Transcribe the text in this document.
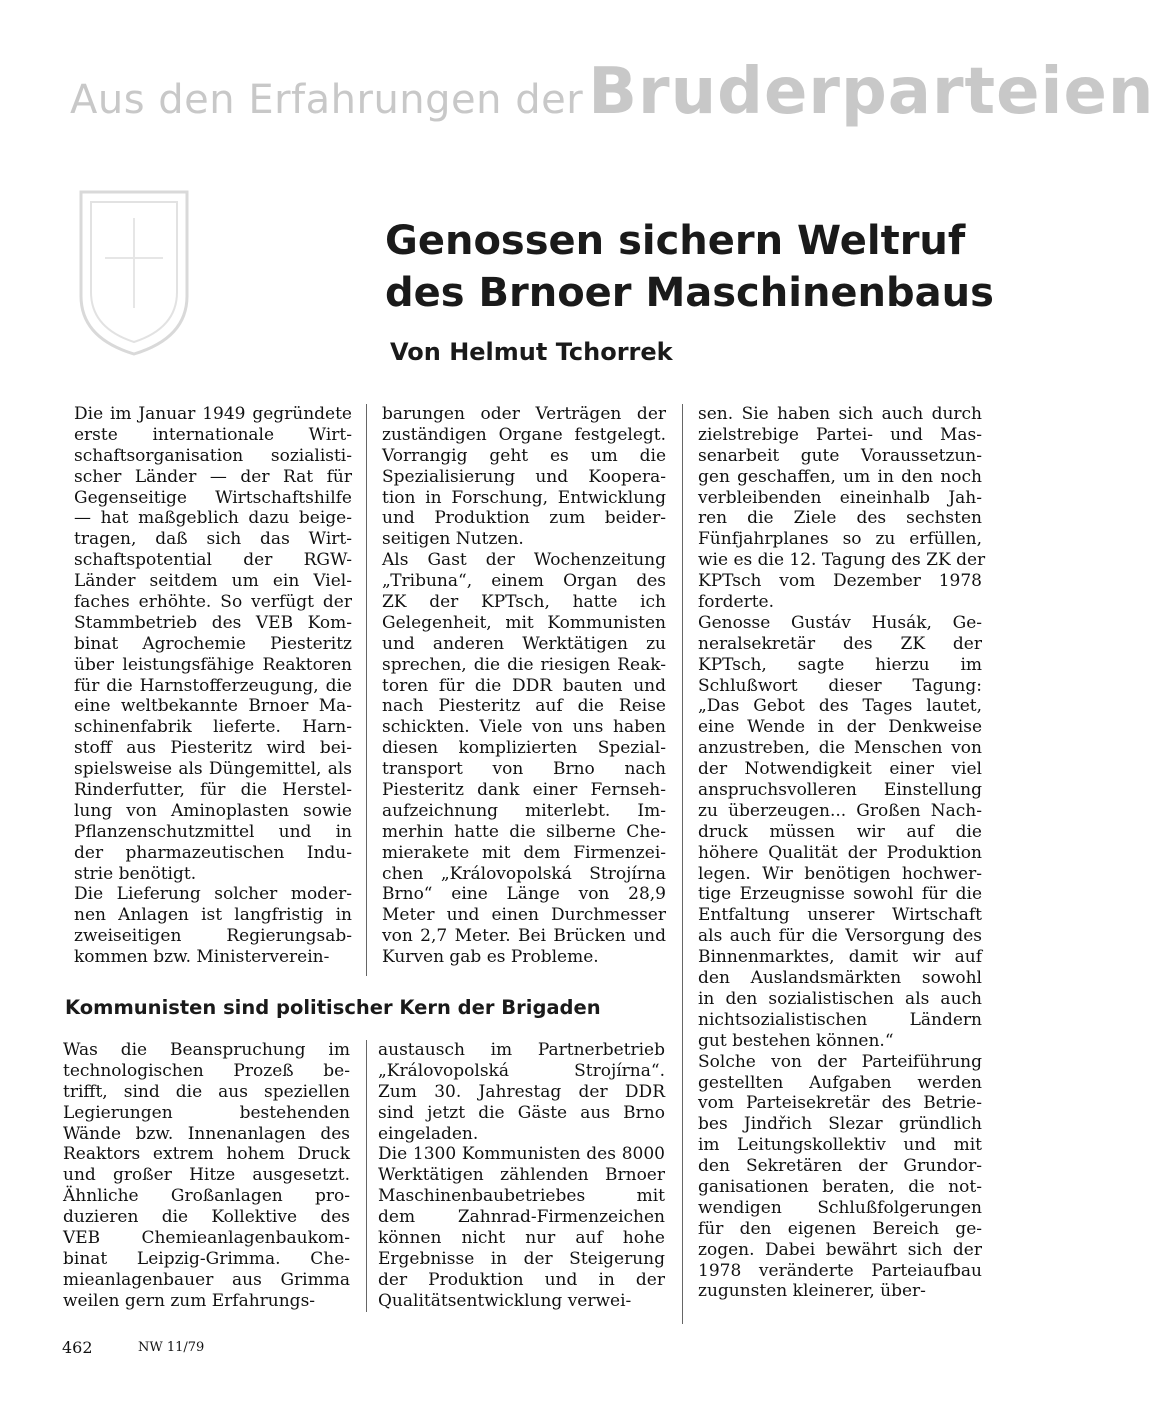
Aus den Erfahrungen der Bruderparteien
Genossen sichern Weltruf
des Brnoer Maschinenbaus

Von Helmut Tchorrek

Die im Januar 1949 gegründete
erste internationale Wirt-
schaftsorganisation sozialisti-
scher Länder — der Rat für
Gegenseitige Wirtschaftshilfe
— hat maßgeblich dazu beige-
tragen, daß sich das Wirt-
schaftspotential der RGW-
Länder seitdem um ein Viel-
faches erhöhte. So verfügt der
Stammbetrieb des VEB Kom-
binat Agrochemie Piesteritz
über leistungsfähige Reaktoren
für die Harnstofferzeugung, die
eine weltbekannte Brnoer Ma-
schinenfabrik lieferte. Harn-
stoff aus Piesteritz wird bei-
spielsweise als Düngemittel, als
Rinderfutter, für die Herstel-
lung von Aminoplasten sowie
Pflanzenschutzmittel und in
der pharmazeutischen Indu-
strie benötigt.
Die Lieferung solcher moder-
nen Anlagen ist langfristig in
zweiseitigen Regierungsab-
kommen bzw. Ministerverein-
barungen oder Verträgen der
zuständigen Organe festgelegt.
Vorrangig geht es um die
Spezialisierung und Koopera-
tion in Forschung, Entwicklung
und Produktion zum beider-
seitigen Nutzen.
Als Gast der Wochenzeitung
„Tribuna“, einem Organ des
ZK der KPTsch, hatte ich
Gelegenheit, mit Kommunisten
und anderen Werktätigen zu
sprechen, die die riesigen Reak-
toren für die DDR bauten und
nach Piesteritz auf die Reise
schickten. Viele von uns haben
diesen komplizierten Spezial-
transport von Brno nach
Piesteritz dank einer Fernseh-
aufzeichnung miterlebt. Im-
merhin hatte die silberne Che-
mierakete mit dem Firmenzei-
chen „Královopolská Strojírna
Brno“ eine Länge von 28,9
Meter und einen Durchmesser
von 2,7 Meter. Bei Brücken und
Kurven gab es Probleme.
sen. Sie haben sich auch durch
zielstrebige Partei- und Mas-
senarbeit gute Voraussetzun-
gen geschaffen, um in den noch
verbleibenden eineinhalb Jah-
ren die Ziele des sechsten
Fünfjahrplanes so zu erfüllen,
wie es die 12. Tagung des ZK der
KPTsch vom Dezember 1978
forderte.
Genosse Gustáv Husák, Ge-
neralsekretär des ZK der
KPTsch, sagte hierzu im
Schlußwort dieser Tagung:
„Das Gebot des Tages lautet,
eine Wende in der Denkweise
anzustreben, die Menschen von
der Notwendigkeit einer viel
anspruchsvolleren Einstellung
zu überzeugen... Großen Nach-
druck müssen wir auf die
höhere Qualität der Produktion
legen. Wir benötigen hochwer-
tige Erzeugnisse sowohl für die
Entfaltung unserer Wirtschaft
als auch für die Versorgung des
Binnenmarktes, damit wir auf
den Auslandsmärkten sowohl
in den sozialistischen als auch
nichtsozialistischen Ländern
gut bestehen können.“
Solche von der Parteiführung
gestellten Aufgaben werden
vom Parteisekretär des Betrie-
bes Jindřich Slezar gründlich
im Leitungskollektiv und mit
den Sekretären der Grundor-
ganisationen beraten, die not-
wendigen Schlußfolgerungen
für den eigenen Bereich ge-
zogen. Dabei bewährt sich der
1978 veränderte Parteiaufbau
zugunsten kleinerer, über-
Kommunisten sind politischer Kern der Brigaden
Was die Beanspruchung im
technologischen Prozeß be-
trifft, sind die aus speziellen
Legierungen bestehenden
Wände bzw. Innenanlagen des
Reaktors extrem hohem Druck
und großer Hitze ausgesetzt.
Ähnliche Großanlagen pro-
duzieren die Kollektive des
VEB Chemieanlagenbaukom-
binat Leipzig-Grimma. Che-
mieanlagenbauer aus Grimma
weilen gern zum Erfahrungs-
austausch im Partnerbetrieb
„Královopolská Strojírna“.
Zum 30. Jahrestag der DDR
sind jetzt die Gäste aus Brno
eingeladen.
Die 1300 Kommunisten des 8000
Werktätigen zählenden Brnoer
Maschinenbaubetriebes mit
dem Zahnrad-Firmenzeichen
können nicht nur auf hohe
Ergebnisse in der Steigerung
der Produktion und in der
Qualitätsentwicklung verwei-
462	NW 11/79
